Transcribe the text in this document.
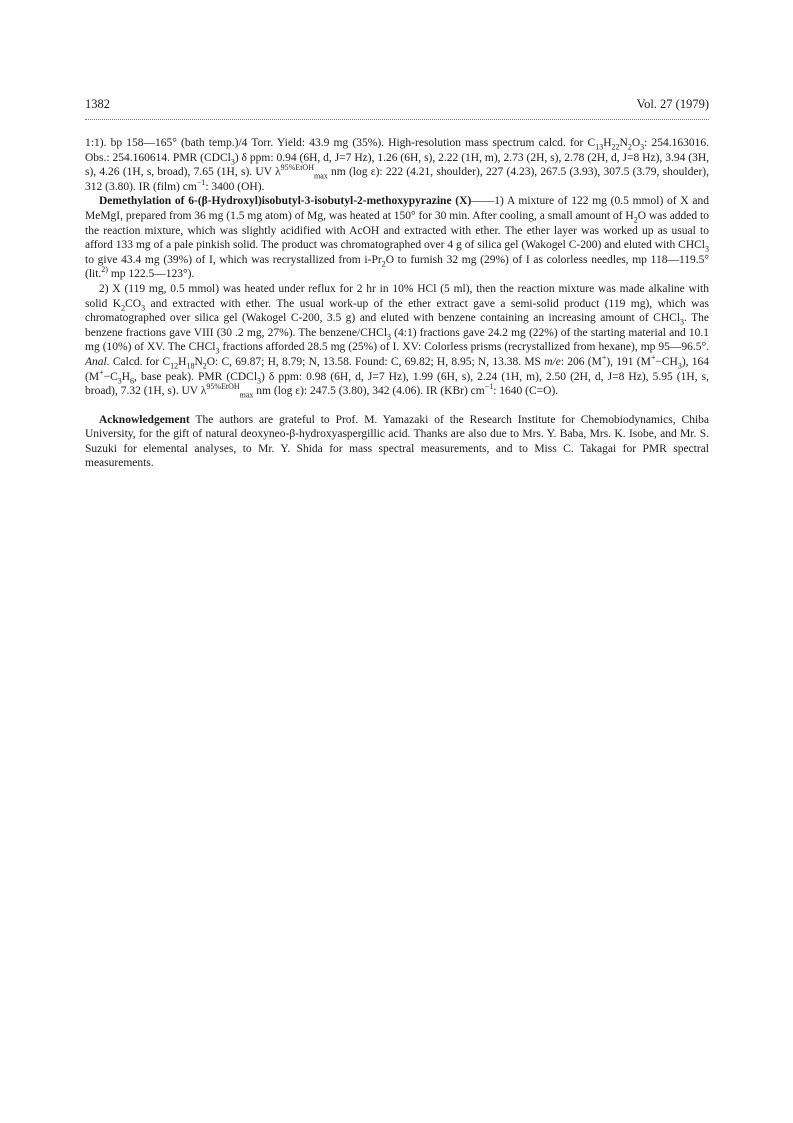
1382	Vol. 27 (1979)

1:1). bp 158—165° (bath temp.)/4 Torr. Yield: 43.9 mg (35%). High-resolution mass spectrum calcd. for $C_{13}H_{22}N_2O_3$: 254.163016. Obs.: 254.160614. PMR (CDCl$_3$) δ ppm: 0.94 (6H, d, J=7 Hz), 1.26 (6H, s), 2.22 (1H, m), 2.73 (2H, s), 2.78 (2H, d, J=8 Hz), 3.94 (3H, s), 4.26 (1H, s, broad), 7.65 (1H, s). UV $\lambda^{95\%EtOH}_{max}$ nm (log ε): 222 (4.21, shoulder), 227 (4.23), 267.5 (3.93), 307.5 (3.79, shoulder), 312 (3.80). IR (film) $cm^{-1}$: 3400 (OH).

Demethylation of 6-(β-Hydroxyl)isobutyl-3-isobutyl-2-methoxypyrazine (X)——1) A mixture of 122 mg (0.5 mmol) of X and MeMgI, prepared from 36 mg (1.5 mg atom) of Mg, was heated at 150° for 30 min. After cooling, a small amount of $H_2O$ was added to the reaction mixture, which was slightly acidified with AcOH and extracted with ether. The ether layer was worked up as usual to afford 133 mg of a pale pinkish solid. The product was chromatographed over 4 g of silica gel (Wakogel C-200) and eluted with CHCl$_3$ to give 43.4 mg (39%) of I, which was recrystallized from $i-Pr_2O$ to furnish 32 mg (29%) of I as colorless needles, mp 118—119.5° (lit.$^{2)}$ mp 122.5—123°).

2) X (119 mg, 0.5 mmol) was heated under reflux for 2 hr in 10% HCl (5 ml), then the reaction mixture was made alkaline with solid $K_2CO_3$ and extracted with ether. The usual work-up of the ether extract gave a semi-solid product (119 mg), which was chromatographed over silica gel (Wakogel C-200, 3.5 g) and eluted with benzene containing an increasing amount of CHCl$_3$. The benzene fractions gave VIII (30 .2 mg, 27%). The benzene/CHCl$_3$ (4:1) fractions gave 24.2 mg (22%) of the starting material and 10.1 mg (10%) of XV. The CHCl$_3$ fractions afforded 28.5 mg (25%) of I. XV: Colorless prisms (recrystallized from hexane), mp 95—96.5°. Anal. Calcd. for $C_{12}H_{18}N_2O$: C, 69.87; H, 8.79; N, 13.58. Found: C, 69.82; H, 8.95; N, 13.38. MS m/e: 206 (M+), 191 $(M^+-CH_3)$, 164 ($M^+-C_3H_6$, base peak). PMR (CDCl$_3$) δ ppm: 0.98 (6H, d, J=7 Hz), 1.99 (6H, s), 2.24 (1H, m), 2.50 (2H, d, J=8 Hz), 5.95 (1H, s, broad), 7.32 (1H, s). UV $\lambda^{95\%EtOH}_{max}$ nm (log ε): 247.5 (3.80), 342 (4.06). IR (KBr) $cm^{-1}$: 1640 (C=O).

Acknowledgement The authors are grateful to Prof. M. Yamazaki of the Research Institute for Chemobiodynamics, Chiba University, for the gift of natural deoxyneo-β-hydroxyaspergillic acid. Thanks are also due to Mrs. Y. Baba, Mrs. K. Isobe, and Mr. S. Suzuki for elemental analyses, to Mr. Y. Shida for mass spectral measurements, and to Miss C. Takagai for PMR spectral measurements.
